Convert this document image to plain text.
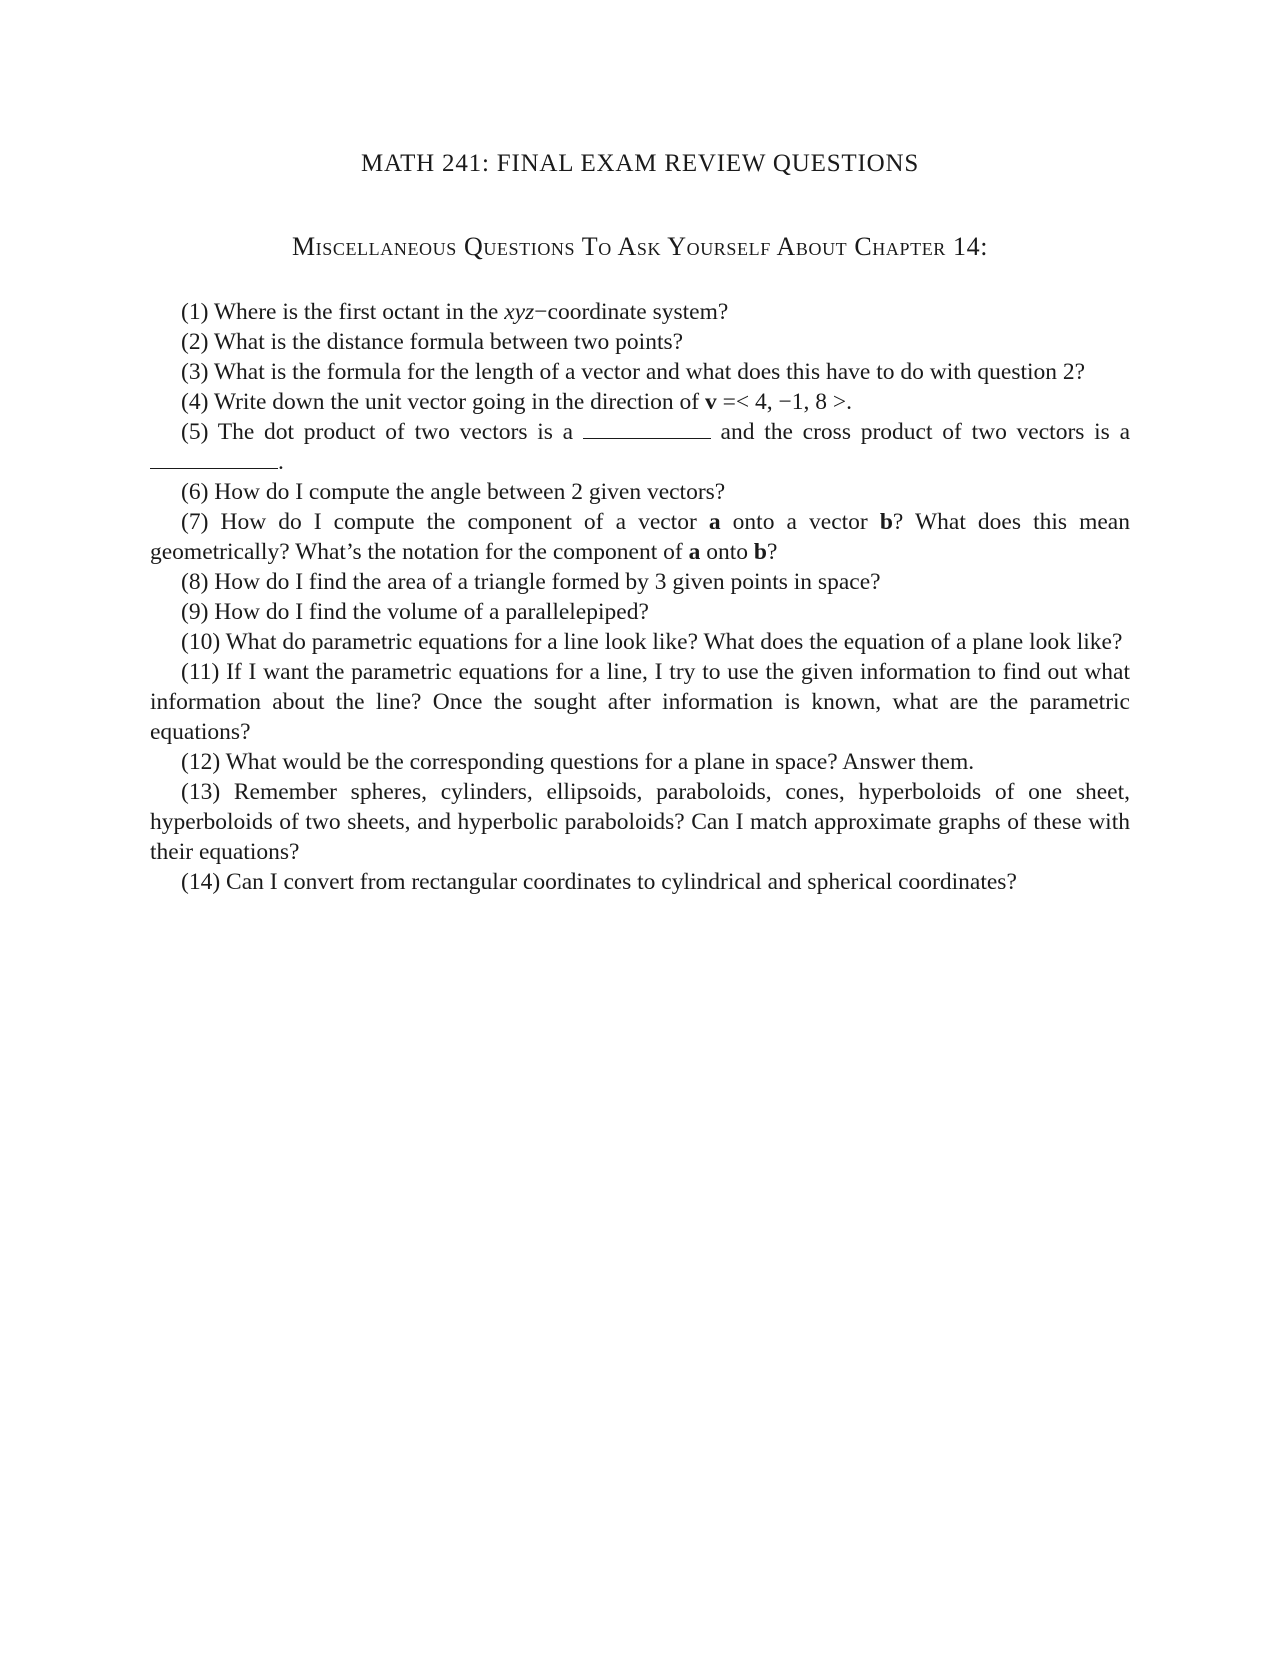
MATH 241: FINAL EXAM REVIEW QUESTIONS
Miscellaneous Questions To Ask Yourself About Chapter 14:

(1) Where is the first octant in the xyz−coordinate system?

(2) What is the distance formula between two points?

(3) What is the formula for the length of a vector and what does this have to do with question 2?

(4) Write down the unit vector going in the direction of v =< 4, −1, 8 >.

(5) The dot product of two vectors is a	and the cross product of two vectors is a .

(6) How do I compute the angle between 2 given vectors?

(7) How do I compute the component of a vector a onto a vector b? What does this mean geometrically? What’s the notation for the component of a onto b?

(8) How do I find the area of a triangle formed by 3 given points in space?

(9) How do I find the volume of a parallelepiped?

(10) What do parametric equations for a line look like? What does the equation of a plane look like?

(11) If I want the parametric equations for a line, I try to use the given information to find out what information about the line? Once the sought after information is known, what are the parametric equations?

(12) What would be the corresponding questions for a plane in space? Answer them.

(13) Remember spheres, cylinders, ellipsoids, paraboloids, cones, hyperboloids of one sheet, hyperboloids of two sheets, and hyperbolic paraboloids? Can I match approximate graphs of these with their equations?

(14) Can I convert from rectangular coordinates to cylindrical and spherical coordinates?
